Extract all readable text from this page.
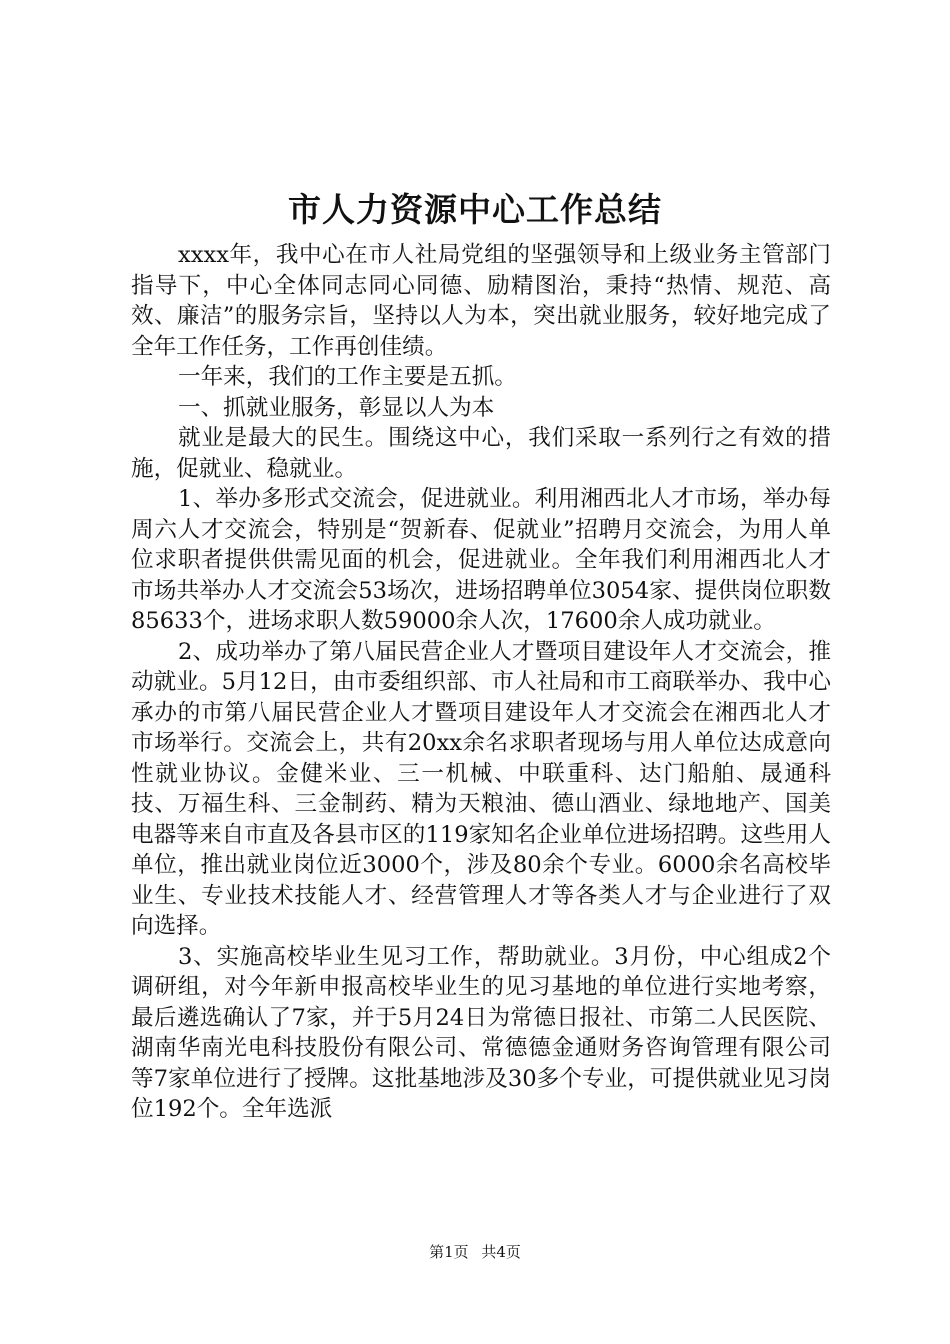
市人力资源中心工作总结

xxxx年，我中心在市人社局党组的坚强领导和上级业务主管部门指导下，中心全体同志同心同德、励精图治，秉持“热情、规范、高效、廉洁”的服务宗旨，坚持以人为本，突出就业服务，较好地完成了全年工作任务，工作再创佳绩。

一年来，我们的工作主要是五抓。

一、抓就业服务，彰显以人为本

就业是最大的民生。围绕这中心，我们采取一系列行之有效的措施，促就业、稳就业。

1、举办多形式交流会，促进就业。利用湘西北人才市场，举办每周六人才交流会，特别是“贺新春、促就业”招聘月交流会，为用人单位求职者提供供需见面的机会，促进就业。全年我们利用湘西北人才市场共举办人才交流会53场次，进场招聘单位3054家、提供岗位职数85633个，进场求职人数59000余人次，17600余人成功就业。

2、成功举办了第八届民营企业人才暨项目建设年人才交流会，推动就业。5月12日，由市委组织部、市人社局和市工商联举办、我中心承办的市第八届民营企业人才暨项目建设年人才交流会在湘西北人才市场举行。交流会上，共有20xx余名求职者现场与用人单位达成意向性就业协议。金健米业、三一机械、中联重科、达门船舶、晟通科技、万福生科、三金制药、精为天粮油、德山酒业、绿地地产、国美电器等来自市直及各县市区的119家知名企业单位进场招聘。这些用人单位，推出就业岗位近3000个，涉及80余个专业。6000余名高校毕业生、专业技术技能人才、经营管理人才等各类人才与企业进行了双向选择。

3、实施高校毕业生见习工作，帮助就业。3月份，中心组成2个调研组，对今年新申报高校毕业生的见习基地的单位进行实地考察，最后遴选确认了7家，并于5月24日为常德日报社、市第二人民医院、湖南华南光电科技股份有限公司、常德德金通财务咨询管理有限公司等7家单位进行了授牌。这批基地涉及30多个专业，可提供就业见习岗位192个。全年选派

第1页 共4页
